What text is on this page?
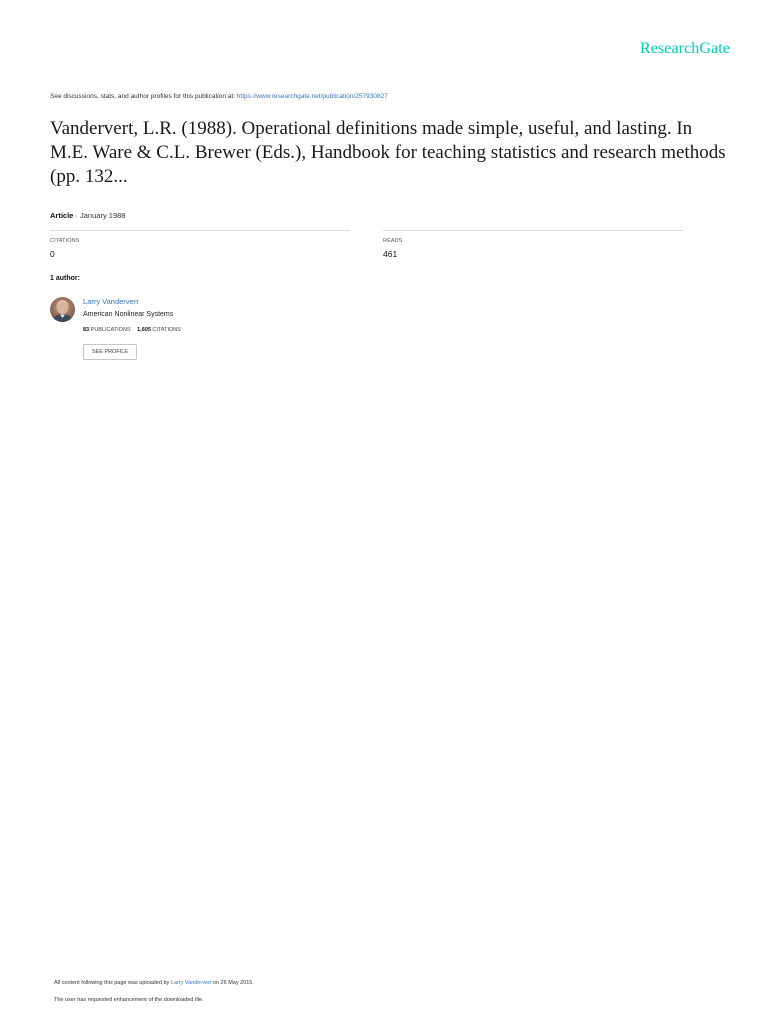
ResearchGate
See discussions, stats, and author profiles for this publication at: https://www.researchgate.net/publication/257930827
Vandervert, L.R. (1988). Operational definitions made simple, useful, and lasting. In M.E. Ware & C.L. Brewer (Eds.), Handbook for teaching statistics and research methods (pp. 132...
Article · January 1988
CITATIONS
0
READS
461
1 author:
Larry Vandervert
American Nonlinear Systems
83 PUBLICATIONS 1,605 CITATIONS
SEE PROFILE
All content following this page was uploaded by Larry Vandervert on 26 May 2015.
The user has requested enhancement of the downloaded file.
